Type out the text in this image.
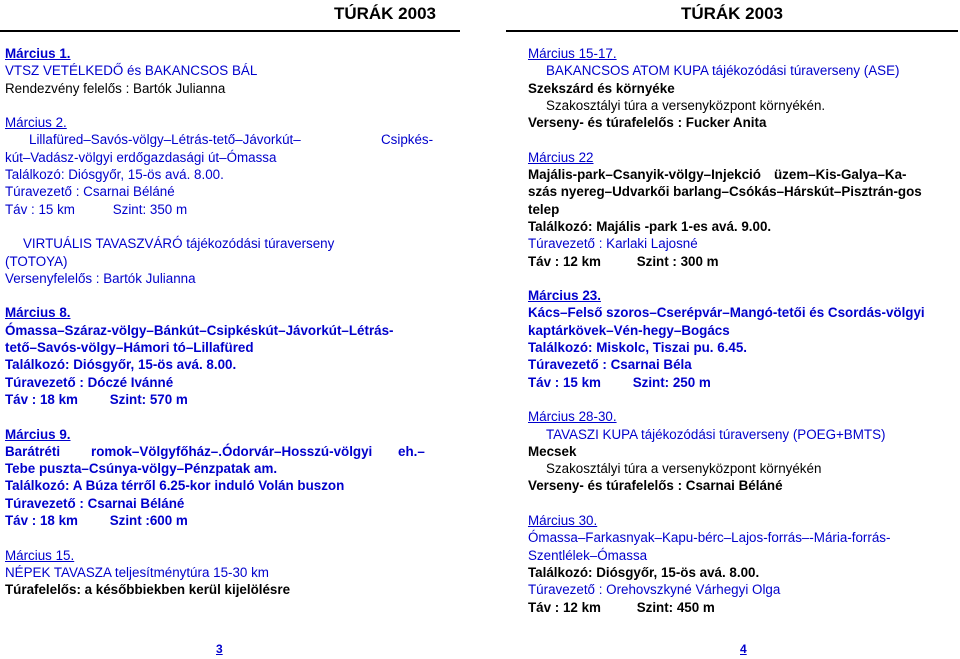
TÚRÁK 2003
Március 1.
VTSZ VETÉLKEDŐ és BAKANCSOS BÁL
Rendezvény felelős : Bartók Julianna
Március 2.
Lillafüred–Savós-völgy–Létrás-tető–Jávorkút–	Csipkés-
kút–Vadász-völgyi erdőgazdasági út–Ómassa
Találkozó: Diósgyőr, 15-ös avá. 8.00.
Túravezető : Csarnai Béláné
Táv : 15 km	Szint: 350 m
VIRTUÁLIS TAVASZVÁRÓ tájékozódási túraverseny
(TOTOYA)
Versenyfelelős : Bartók Julianna
Március 8.
Ómassa–Száraz-völgy–Bánkút–Csipkéskút–Jávorkút–Létrás-
tető–Savós-völgy–Hámori tó–Lillafüred
Találkozó: Diósgyőr, 15-ös avá. 8.00.
Túravezető : Dóczé Ivánné
Táv : 18 km Szint: 570 m
Március 9.
Barátréti romok–Völgyfőház–.Ódorvár–Hosszú-völgyi eh.–
Tebe puszta–Csúnya-völgy–Pénzpatak am.
Találkozó: A Búza térről 6.25-kor induló Volán buszon
Túravezető : Csarnai Béláné
Táv : 18 km Szint :600 m
Március 15.
NÉPEK TAVASZA teljesítménytúra 15-30 km
Túrafelelős: a későbbiekben kerül kijelölésre
3
TÚRÁK 2003
Március 15-17.
BAKANCSOS ATOM KUPA tájékozódási túraverseny (ASE)
Szekszárd és környéke
Szakosztályi túra a versenyközpont környékén.
Verseny- és túrafelelős : Fucker Anita
Március 22
Majális-park–Csanyik-völgy–Injekció üzem–Kis-Galya–Ka-
szás nyereg–Udvarkői barlang–Csókás–Hárskút–Pisztrán-gos
telep
Találkozó: Majális -park 1-es avá. 9.00.
Túravezető : Karlaki Lajosné
Táv : 12 km	Szint : 300 m
Március 23.
Kács–Felső szoros–Cserépvár–Mangó-tetői és Csordás-völgyi
kaptárkövek–Vén-hegy–Bogács
Találkozó: Miskolc, Tiszai pu. 6.45.
Túravezető : Csarnai Béla
Táv : 15 km Szint: 250 m
Március 28-30.
TAVASZI KUPA tájékozódási túraverseny (POEG+BMTS)
Mecsek
Szakosztályi túra a versenyközpont környékén
Verseny- és túrafelelős : Csarnai Béláné
Március 30.
Ómassa–Farkasnyak–Kapu-bérc–Lajos-forrás–-Mária-forrás-
Szentlélek–Ómassa
Találkozó: Diósgyőr, 15-ös avá. 8.00.
Túravezető : Orehovszkyné Várhegyi Olga
Táv : 12 km	Szint: 450 m
4
